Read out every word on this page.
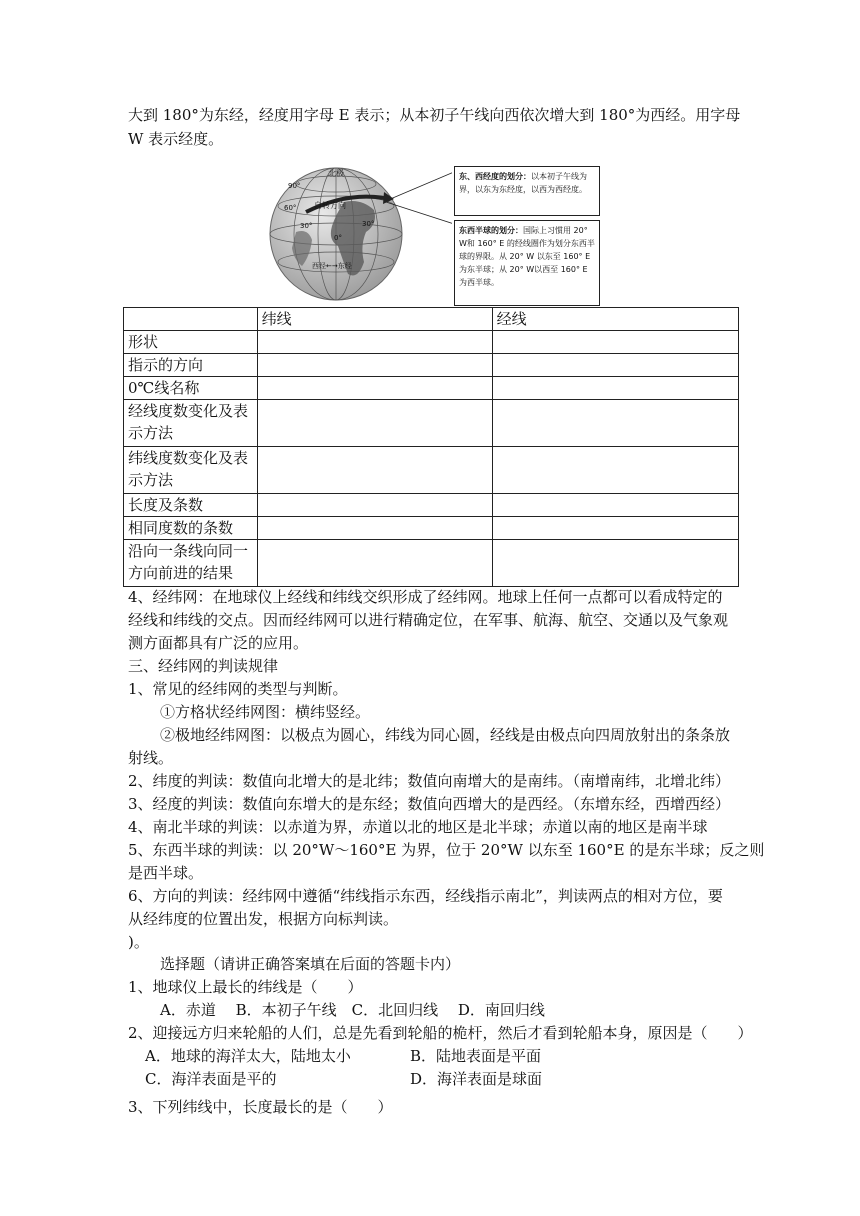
大到 180°为东经，经度用字母 E 表示；从本初子午线向西依次增大到 180°为西经。用字母
W 表示经度。
自转方向
北极
90°
60°
30°
0°
30°
西经←→东经
东、西经度的划分：以本初子午线为界，以东为东经度，以西为西经度。
东西半球的划分：国际上习惯用 20° W和 160° E 的经线圈作为划分东西半球的界限。从 20° W 以东至 160° E 为东半球；从 20° W以西至 160° E 为西半球。
	纬线	经线
形状		
指示的方向		
0℃线名称		
经线度数变化及表示方法		
纬线度数变化及表示方法		
长度及条数		
相同度数的条数		
沿向一条线向同一方向前进的结果		
4、经纬网：在地球仪上经线和纬线交织形成了经纬网。地球上任何一点都可以看成特定的
经线和纬线的交点。因而经纬网可以进行精确定位，在军事、航海、航空、交通以及气象观
测方面都具有广泛的应用。
三、经纬网的判读规律
1、常见的经纬网的类型与判断。
①方格状经纬网图：横纬竖经。
②极地经纬网图：以极点为圆心，纬线为同心圆，经线是由极点向四周放射出的条条放
射线。
2、纬度的判读：数值向北增大的是北纬；数值向南增大的是南纬。（南增南纬，北增北纬）
3、经度的判读：数值向东增大的是东经；数值向西增大的是西经。（东增东经，西增西经）
4、南北半球的判读：以赤道为界，赤道以北的地区是北半球；赤道以南的地区是南半球
5、东西半球的判读：以 20°W～160°E 为界，位于 20°W 以东至 160°E 的是东半球；反之则
是西半球。
6、方向的判读：经纬网中遵循“纬线指示东西，经线指示南北”，判读两点的相对方位，要
从经纬度的位置出发，根据方向标判读。
)。
选择题（请讲正确答案填在后面的答题卡内）
1、地球仪上最长的纬线是（　　）
A．赤道　 B．本初子午线　C．北回归线　 D．南回归线
2、迎接远方归来轮船的人们，总是先看到轮船的桅杆，然后才看到轮船本身，原因是（　　）
A．地球的海洋太大，陆地太小	B．陆地表面是平面
C．海洋表面是平的	D．海洋表面是球面
3、下列纬线中，长度最长的是（　　）
